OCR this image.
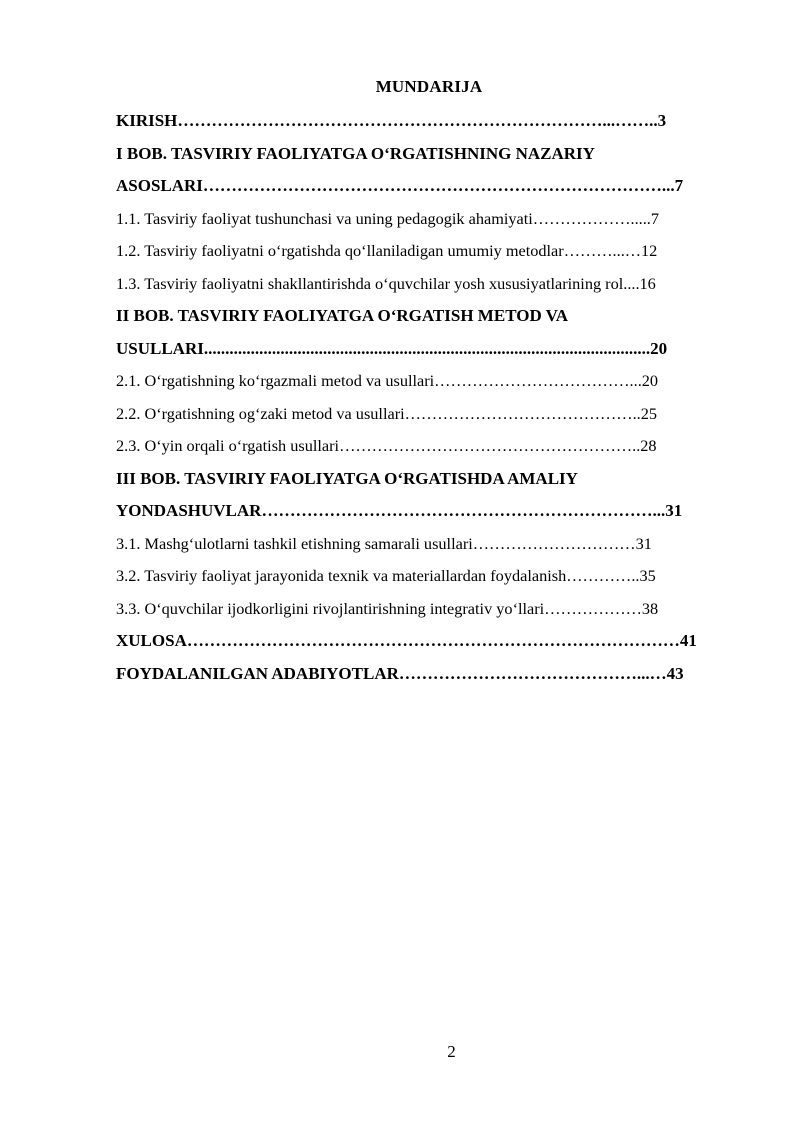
MUNDARIJA
KIRISH…………………………………………………………………...……..3
I BOB. TASVIRIY FAOLIYATGA O‘RGATISHNING NAZARIY
ASOSLARI………………………………………………………………………...7
1.1. Tasviriy faoliyat tushunchasi va uning pedagogik ahamiyati……………….....7
1.2. Tasviriy faoliyatni o‘rgatishda qo‘llaniladigan umumiy metodlar………...…12
1.3. Tasviriy faoliyatni shakllantirishda o‘quvchilar yosh xususiyatlarining rol....16
II BOB. TASVIRIY FAOLIYATGA O‘RGATISH METOD VA
USULLARI.........................................................................................................20
2.1. O‘rgatishning ko‘rgazmali metod va usullari………………………………...20
2.2. O‘rgatishning og‘zaki metod va usullari……………………………………..25
2.3. O‘yin orqali o‘rgatish usullari………………………………………………..28
III BOB. TASVIRIY FAOLIYATGA O‘RGATISHDA AMALIY
YONDASHUVLAR……………………………………………………………...31
3.1. Mashg‘ulotlarni tashkil etishning samarali usullari…………………………31
3.2. Tasviriy faoliyat jarayonida texnik va materiallardan foydalanish…………..35
3.3. O‘quvchilar ijodkorligini rivojlantirishning integrativ yo‘llari………………38
XULOSA……………………………………………………………………………41
FOYDALANILGAN ADABIYOTLAR……………………………………...…43
2
